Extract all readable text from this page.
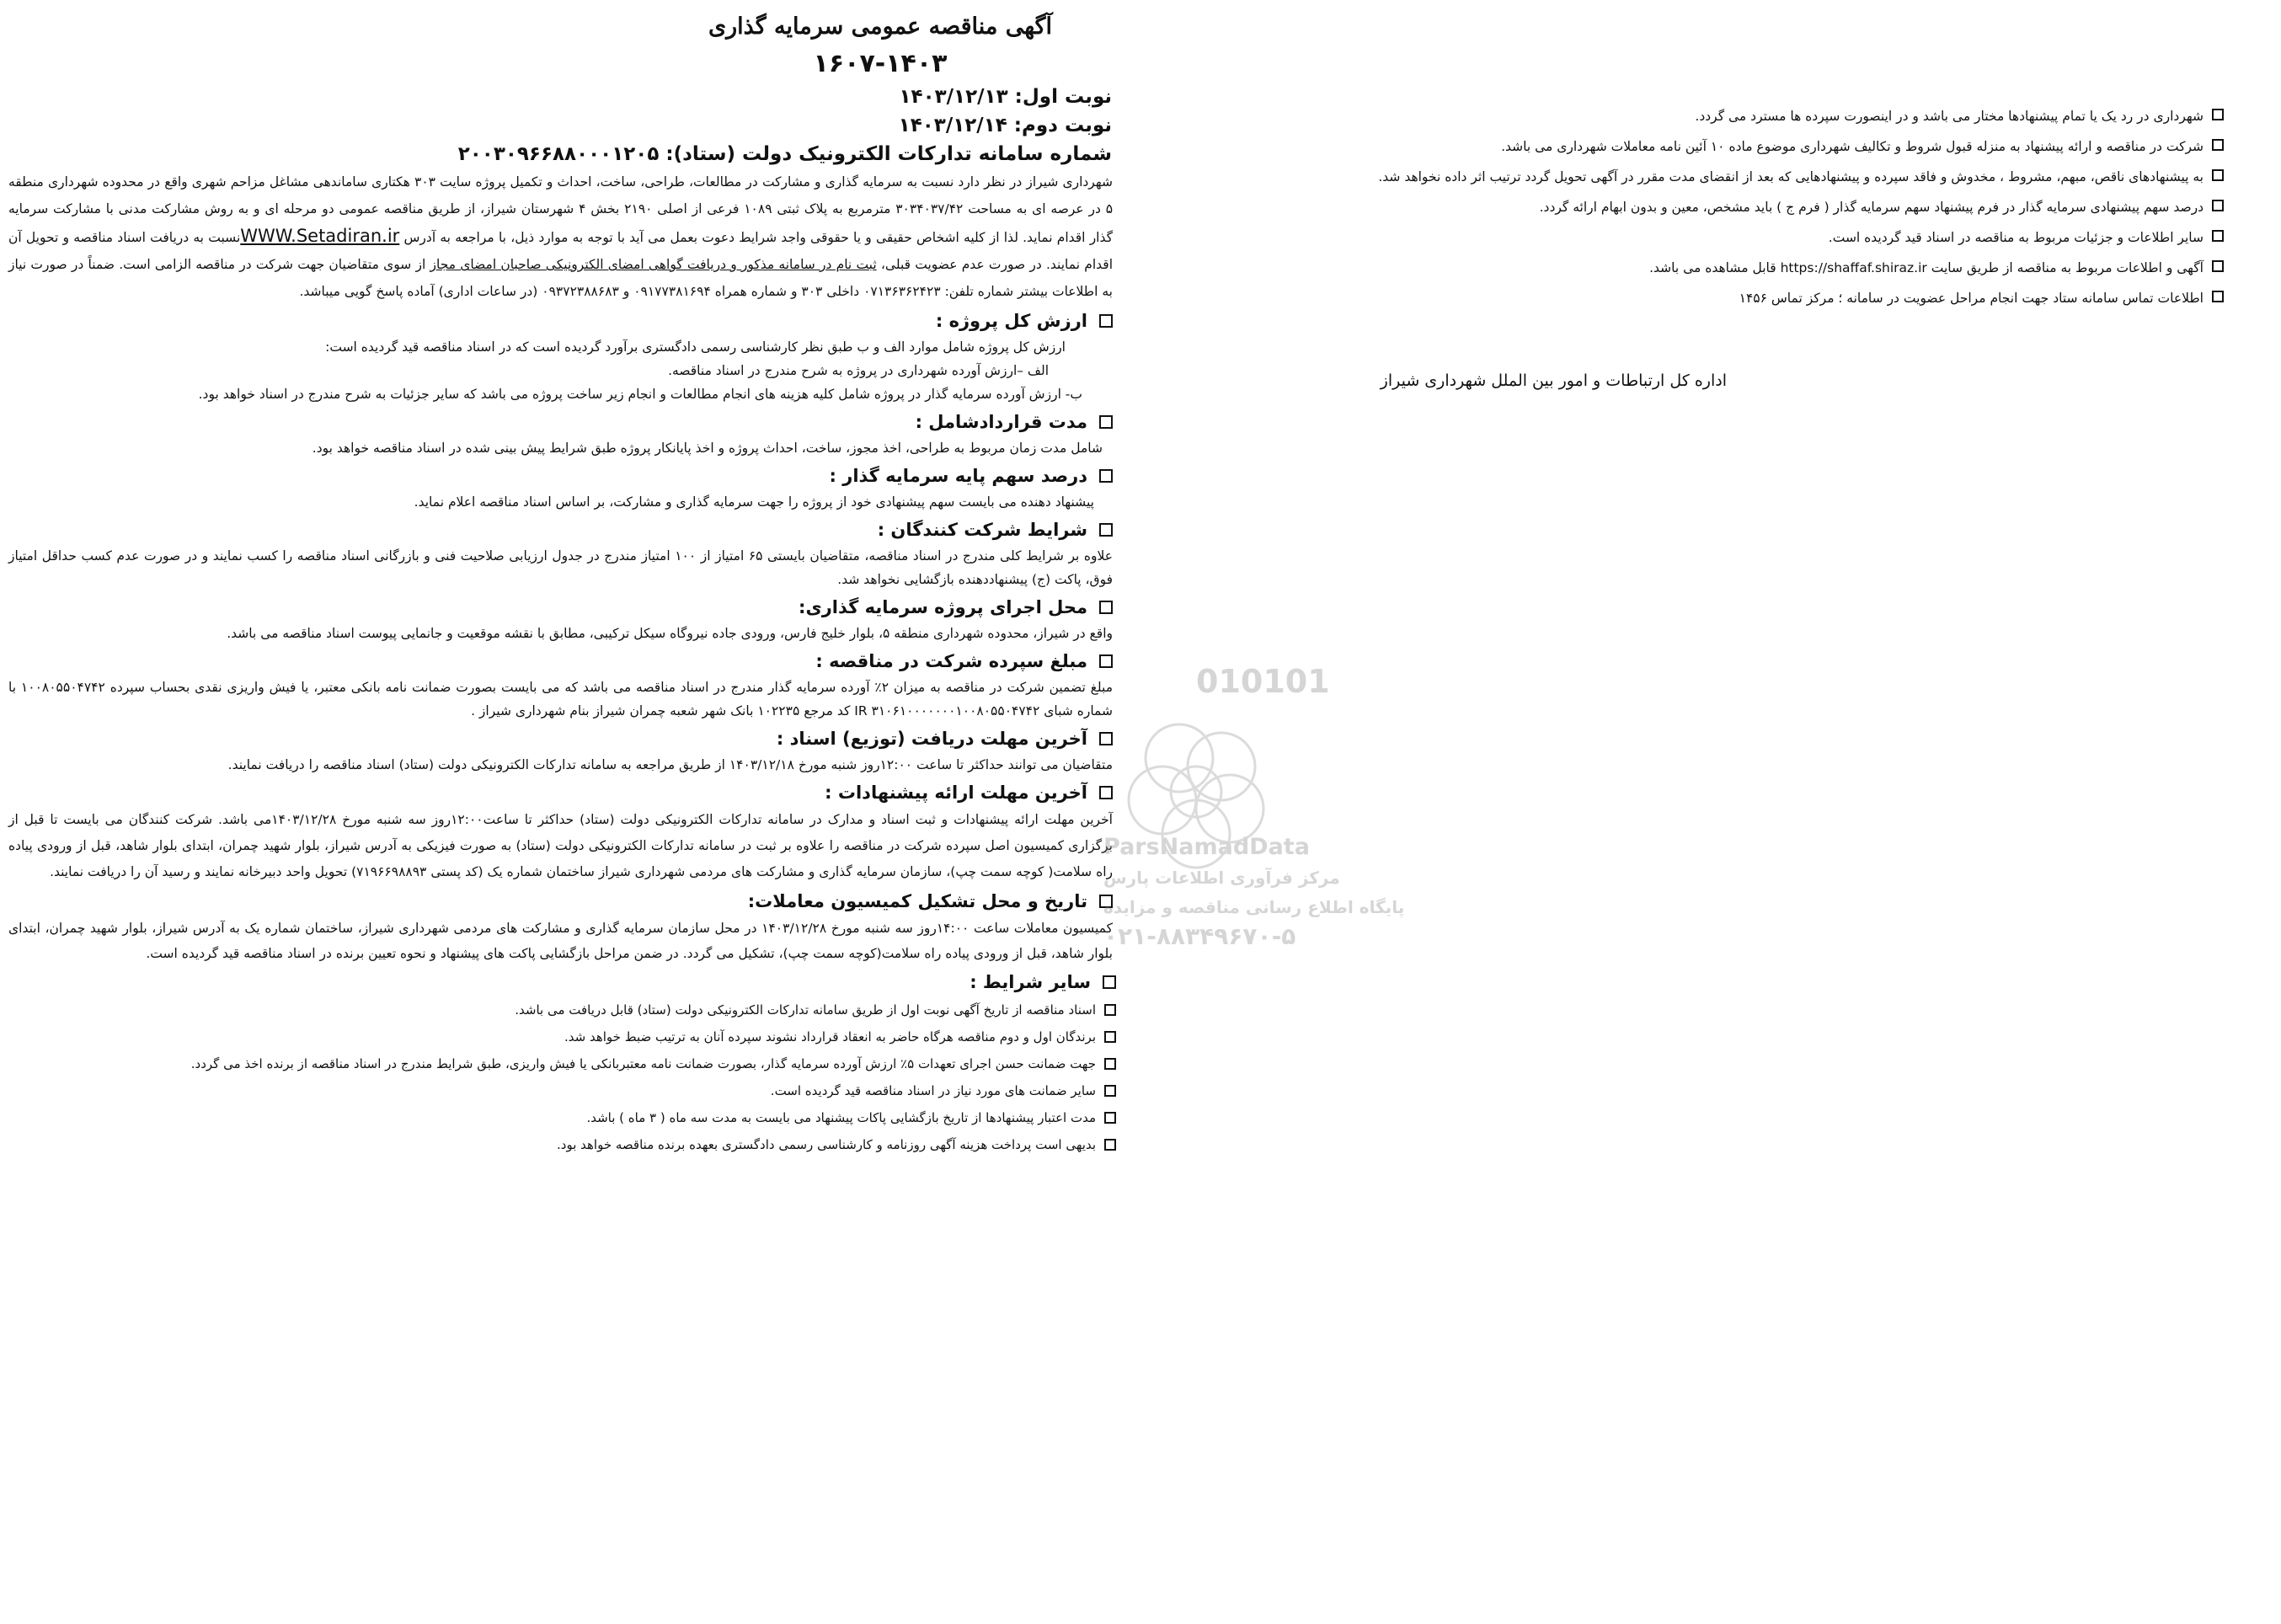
آگهی مناقصه عمومی سرمایه گذاری
۱۶۰۷-۱۴۰۳
نوبت اول: ۱۴۰۳/۱۲/۱۳
نوبت دوم: ۱۴۰۳/۱۲/۱۴
شماره سامانه تدارکات الکترونیک دولت (ستاد): ۲۰۰۳۰۹۶۶۸۸۰۰۰۱۲۰۵
شهرداری شیراز در نظر دارد نسبت به سرمایه گذاری و مشارکت در مطالعات، طراحی، ساخت، احداث و تکمیل پروژه سایت ۳۰۳ هکتاری ساماندهی مشاغل مزاحم شهری واقع در محدوده شهرداری منطقه ۵ در عرصه ای به مساحت ۳۰۳۴۰۳۷/۴۲ مترمربع به پلاک ثبتی ۱۰۸۹ فرعی از اصلی ۲۱۹۰ بخش ۴ شهرستان شیراز، از طریق مناقصه عمومی دو مرحله ای و به روش مشارکت مدنی با مشارکت سرمایه گذار اقدام نماید. لذا از کلیه اشخاص حقیقی و یا حقوقی واجد شرایط دعوت بعمل می آید با توجه به موارد ذیل، با مراجعه به آدرس WWW.Setadiran.irنسبت به دریافت اسناد مناقصه و تحویل آن اقدام نمایند. در صورت عدم عضویت قبلی، ثبت نام در سامانه مذکور و دریافت گواهی امضای الکترونیکی صاحبان امضای مجاز از سوی متقاضیان جهت شرکت در مناقصه الزامی است. ضمناً در صورت نیاز به اطلاعات بیشتر شماره تلفن: ۰۷۱۳۶۳۶۲۴۲۳ داخلی ۳۰۳ و شماره همراه ۰۹۱۷۷۳۸۱۶۹۴ و ۰۹۳۷۲۳۸۸۶۸۳ (در ساعات اداری) آماده پاسخ گویی میباشد.
ارزش کل پروژه :
ارزش کل پروژه شامل موارد الف و ب طبق نظر کارشناسی رسمی دادگستری برآورد گردیده است که در اسناد مناقصه قید گردیده است:
الف –ارزش آورده شهرداری در پروژه به شرح مندرج در اسناد مناقصه.
ب- ارزش آورده سرمایه گذار در پروژه شامل کلیه هزینه های انجام مطالعات و انجام زیر ساخت پروژه می باشد که سایر جزئیات به شرح مندرج در اسناد خواهد بود.
مدت قراردادشامل :
شامل مدت زمان مربوط به طراحی، اخذ مجوز، ساخت، احداث پروژه و اخذ پایانکار پروژه طبق شرایط پیش بینی شده در اسناد مناقصه خواهد بود.
درصد سهم پایه سرمایه گذار :
پیشنهاد دهنده می بایست سهم پیشنهادی خود از پروژه را جهت سرمایه گذاری و مشارکت، بر اساس اسناد مناقصه اعلام نماید.
شرایط شرکت کنندگان :
علاوه بر شرایط کلی مندرج در اسناد مناقصه، متقاضیان بایستی ۶۵ امتیاز از ۱۰۰ امتیاز مندرج در جدول ارزیابی صلاحیت فنی و بازرگانی اسناد مناقصه را کسب نمایند و در صورت عدم کسب حداقل امتیاز فوق، پاکت (ج) پیشنهاددهنده بازگشایی نخواهد شد.
محل اجرای پروژه سرمایه گذاری:
واقع در شیراز، محدوده شهرداری منطقه ۵، بلوار خلیج فارس، ورودی جاده نیروگاه سیکل ترکیبی، مطابق با نقشه موقعیت و جانمایی پیوست اسناد مناقصه می باشد.
مبلغ سپرده شرکت در مناقصه :
مبلغ تضمین شرکت در مناقصه به میزان ۲٪ آورده سرمایه گذار مندرج در اسناد مناقصه می باشد که می بایست بصورت ضمانت نامه بانکی معتبر، یا فیش واریزی نقدی بحساب سپرده ۱۰۰۸۰۵۵۰۴۷۴۲ با شماره شبای IR ۳۱۰۶۱۰۰۰۰۰۰۰۱۰۰۸۰۵۵۰۴۷۴۲ کد مرجع ۱۰۲۲۳۵ بانک شهر شعبه چمران شیراز بنام شهرداری شیراز .
آخرین مهلت دریافت (توزیع) اسناد :
متقاضیان می توانند حداکثر تا ساعت ۱۲:۰۰روز شنبه مورخ ۱۴۰۳/۱۲/۱۸ از طریق مراجعه به سامانه تدارکات الکترونیکی دولت (ستاد) اسناد مناقصه را دریافت نمایند.
آخرین مهلت ارائه پیشنهادات :
آخرین مهلت ارائه پیشنهادات و ثبت اسناد و مدارک در سامانه تدارکات الکترونیکی دولت (ستاد) حداکثر تا ساعت۱۲:۰۰روز سه شنبه مورخ ۱۴۰۳/۱۲/۲۸می باشد. شرکت کنندگان می بایست تا قبل از برگزاری کمیسیون اصل سپرده شرکت در مناقصه را علاوه بر ثبت در سامانه تدارکات الکترونیکی دولت (ستاد) به صورت فیزیکی به آدرس شیراز، بلوار شهید چمران، ابتدای بلوار شاهد، قبل از ورودی پیاده راه سلامت( کوچه سمت چپ)، سازمان سرمایه گذاری و مشارکت های مردمی شهرداری شیراز ساختمان شماره یک (کد پستی ۷۱۹۶۶۹۸۸۹۳) تحویل واحد دبیرخانه نمایند و رسید آن را دریافت نمایند.
تاریخ و محل تشکیل کمیسیون معاملات:
کمیسیون معاملات ساعت ۱۴:۰۰روز سه شنبه مورخ ۱۴۰۳/۱۲/۲۸ در محل سازمان سرمایه گذاری و مشارکت های مردمی شهرداری شیراز، ساختمان شماره یک به آدرس شیراز، بلوار شهید چمران، ابتدای بلوار شاهد، قبل از ورودی پیاده راه سلامت(کوچه سمت چپ)، تشکیل می گردد. در ضمن مراحل بازگشایی پاکت های پیشنهاد و نحوه تعیین برنده در اسناد مناقصه قید گردیده است.
سایر شرایط :
اسناد مناقصه از تاریخ آگهی نوبت اول از طریق سامانه تدارکات الکترونیکی دولت (ستاد) قابل دریافت می باشد.
برندگان اول و دوم مناقصه هرگاه حاضر به انعقاد قرارداد نشوند سپرده آنان به ترتیب ضبط خواهد شد.
جهت ضمانت حسن اجرای تعهدات ۵٪ ارزش آورده سرمایه گذار، بصورت ضمانت نامه معتبربانکی یا فیش واریزی، طبق شرایط مندرج در اسناد مناقصه از برنده اخذ می گردد.
سایر ضمانت های مورد نیاز در اسناد مناقصه قید گردیده است.
مدت اعتبار پیشنهادها از تاریخ بازگشایی پاکات پیشنهاد می بایست به مدت سه ماه ( ۳ ماه ) باشد.
بدیهی است پرداخت هزینه آگهی روزنامه و کارشناسی رسمی دادگستری بعهده برنده مناقصه خواهد بود.
شهرداری در رد یک یا تمام پیشنهادها مختار می باشد و در اینصورت سپرده ها مسترد می گردد.
شرکت در مناقصه و ارائه پیشنهاد به منزله قبول شروط و تکالیف شهرداری موضوع ماده ۱۰ آئین نامه معاملات شهرداری می باشد.
به پیشنهادهای ناقص، مبهم، مشروط ، مخدوش و فاقد سپرده و پیشنهادهایی که بعد از انقضای مدت مقرر در آگهی تحویل گردد ترتیب اثر داده نخواهد شد.
درصد سهم پیشنهادی سرمایه گذار در فرم پیشنهاد سهم سرمایه گذار ( فرم ج ) باید مشخص، معین و بدون ابهام ارائه گردد.
سایر اطلاعات و جزئیات مربوط به مناقصه در اسناد قید گردیده است.
آگهی و اطلاعات مربوط به مناقصه از طریق سایت https://shaffaf.shiraz.ir قابل مشاهده می باشد.
اطلاعات تماس سامانه ستاد جهت انجام مراحل عضویت در سامانه ؛ مرکز تماس ۱۴۵۶
اداره کل ارتباطات و امور بین الملل شهرداری شیراز
010101
ParsNamadData
مرکز فرآوری اطلاعات پارس
پایگاه اطلاع رسانی مناقصه و مزایده
۰۲۱-۸۸۳۴۹۶۷۰-۵
